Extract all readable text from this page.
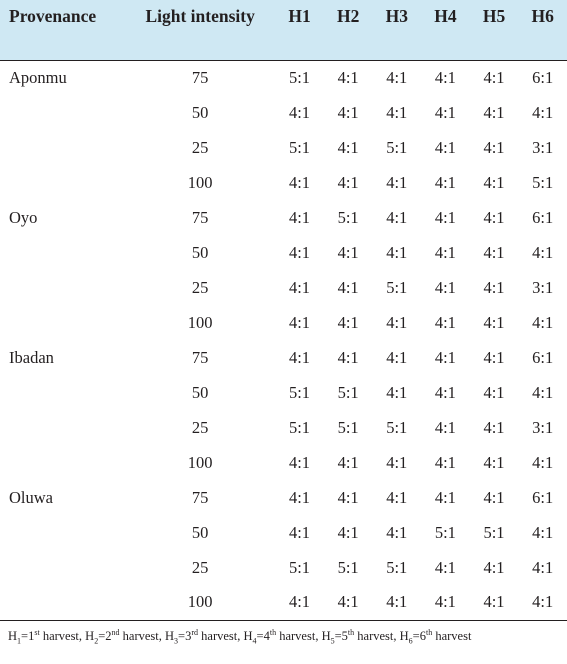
Provenance	Light intensity	H1	H2	H3	H4	H5	H6
Aponmu	75	5:1	4:1	4:1	4:1	4:1	6:1
	50	4:1	4:1	4:1	4:1	4:1	4:1
	25	5:1	4:1	5:1	4:1	4:1	3:1
	100	4:1	4:1	4:1	4:1	4:1	5:1
Oyo	75	4:1	5:1	4:1	4:1	4:1	6:1
	50	4:1	4:1	4:1	4:1	4:1	4:1
	25	4:1	4:1	5:1	4:1	4:1	3:1
	100	4:1	4:1	4:1	4:1	4:1	4:1
Ibadan	75	4:1	4:1	4:1	4:1	4:1	6:1
	50	5:1	5:1	4:1	4:1	4:1	4:1
	25	5:1	5:1	5:1	4:1	4:1	3:1
	100	4:1	4:1	4:1	4:1	4:1	4:1
Oluwa	75	4:1	4:1	4:1	4:1	4:1	6:1
	50	4:1	4:1	4:1	5:1	5:1	4:1
	25	5:1	5:1	5:1	4:1	4:1	4:1
	100	4:1	4:1	4:1	4:1	4:1	4:1
$H_1=1st$ harvest, $H_2=2nd$ harvest, $H_3=3rd$ harvest, $H_4=4th$ harvest, $H_5=5th$ harvest, $H_6=6th$ harvest
